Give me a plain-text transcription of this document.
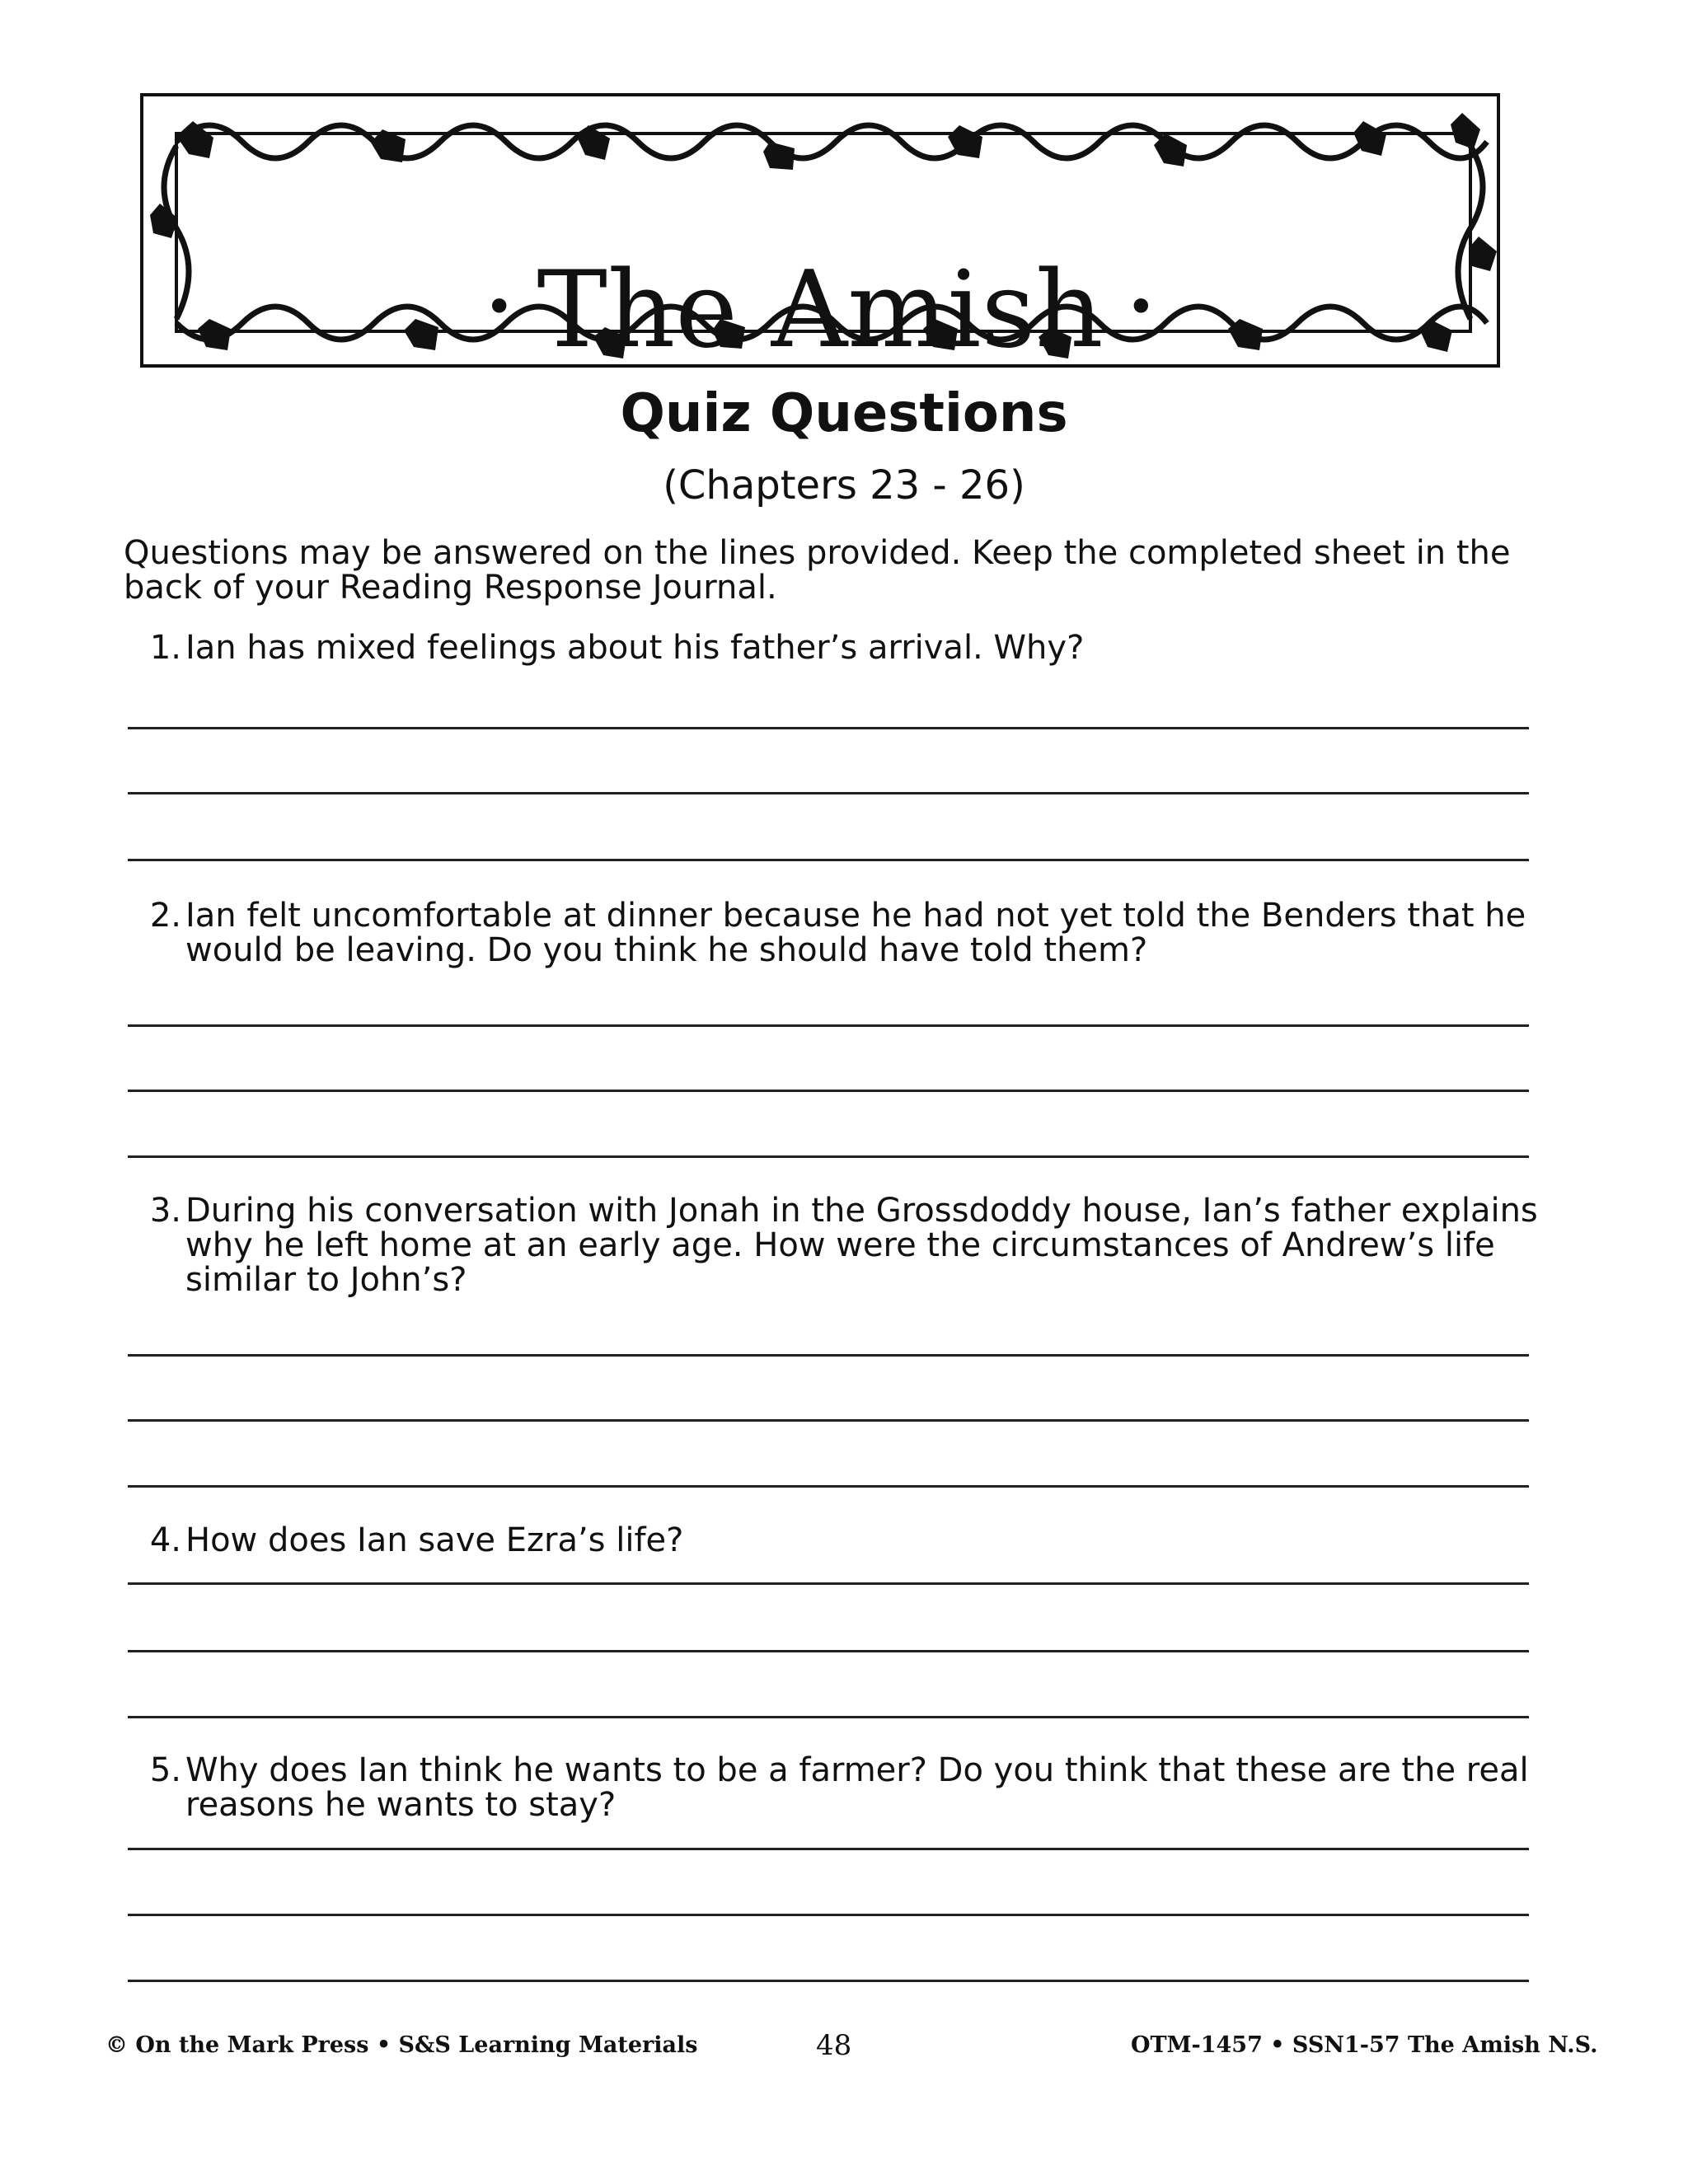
• The Amish •
Quiz Questions
(Chapters 23 - 26)
Questions may be answered on the lines provided. Keep the completed sheet in the back of your Reading Response Journal.
1. Ian has mixed feelings about his father’s arrival. Why?
2. Ian felt uncomfortable at dinner because he had not yet told the Benders that he would be leaving. Do you think he should have told them?
3. During his conversation with Jonah in the Grossdoddy house, Ian’s father explains why he left home at an early age. How were the circumstances of Andrew’s life similar to John’s?
4. How does Ian save Ezra’s life?
5. Why does Ian think he wants to be a farmer? Do you think that these are the real reasons he wants to stay?
© On the Mark Press • S&S Learning Materials	48	OTM-1457 • SSN1-57 The Amish N.S.
